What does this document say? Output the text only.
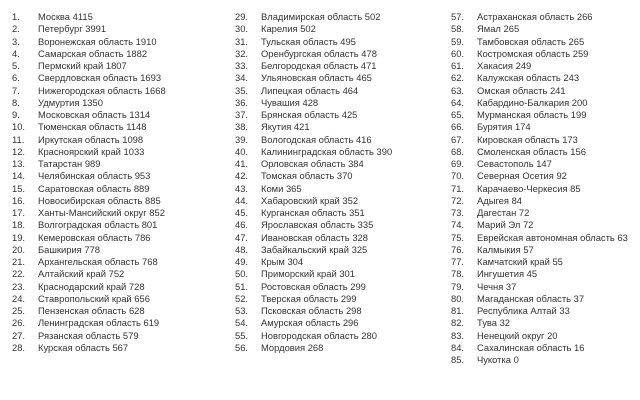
1.	Москва 4115
2.	Петербург 3991
3.	Воронежская область 1910
4.	Самарская область 1882
5.	Пермский край 1807
6.	Свердловская область 1693
7.	Нижегородская область 1668
8.	Удмуртия 1350
9.	Московская область 1314
10.	Тюменская область 1148
11.	Иркутская область 1098
12.	Красноярский край 1033
13.	Татарстан 989
14.	Челябинская область 953
15.	Саратовская область 889
16.	Новосибирская область 885
17.	Ханты-Мансийский округ 852
18.	Волгоградская область 801
19.	Кемеровская область 786
20.	Башкирия 778
21.	Архангельская область 768
22.	Алтайский край 752
23.	Краснодарский край 728
24.	Ставропольский край 656
25.	Пензенская область 628
26.	Ленинградская область 619
27.	Рязанская область 579
28.	Курская область 567
29.	Владимирская область 502
30.	Карелия 502
31.	Тульская область 495
32.	Оренбургская область 478
33.	Белгородская область 471
34.	Ульяновская область 465
35.	Липецкая область 464
36.	Чувашия 428
37.	Брянская область 425
38.	Якутия 421
39.	Вологодская область 416
40.	Калининградская область 390
41.	Орловская область 384
42.	Томская область 370
43.	Коми 365
44.	Хабаровский край 352
45.	Курганская область 351
46.	Ярославская область 335
47.	Ивановская область 328
48.	Забайкальский край 325
49.	Крым 304
50.	Приморский край 301
51.	Ростовская область 299
52.	Тверская область 299
53.	Псковская область 298
54.	Амурская область 296
55.	Новгородская область 280
56.	Мордовия 268
57.	Астраханская область 266
58.	Ямал 265
59.	Тамбовская область 265
60.	Костромская область 259
61.	Хакасия 249
62.	Калужская область 243
63.	Омская область 241
64.	Кабардино-Балкария 200
65.	Мурманская область 199
66.	Бурятия 174
67.	Кировская область 173
68.	Смоленская область 156
69.	Севастополь 147
70.	Северная Осетия 92
71.	Карачаево-Черкесия 85
72.	Адыгея 84
73.	Дагестан 72
74.	Марий Эл 72
75.	Еврейская автономная область 63
76.	Калмыкия 57
77.	Камчатский край 55
78.	Ингушетия 45
79.	Чечня 37
80.	Магаданская область 37
81.	Республика Алтай 33
82.	Тува 32
83.	Ненецкий округ 20
84.	Сахалинская область 16
85.	Чукотка 0
